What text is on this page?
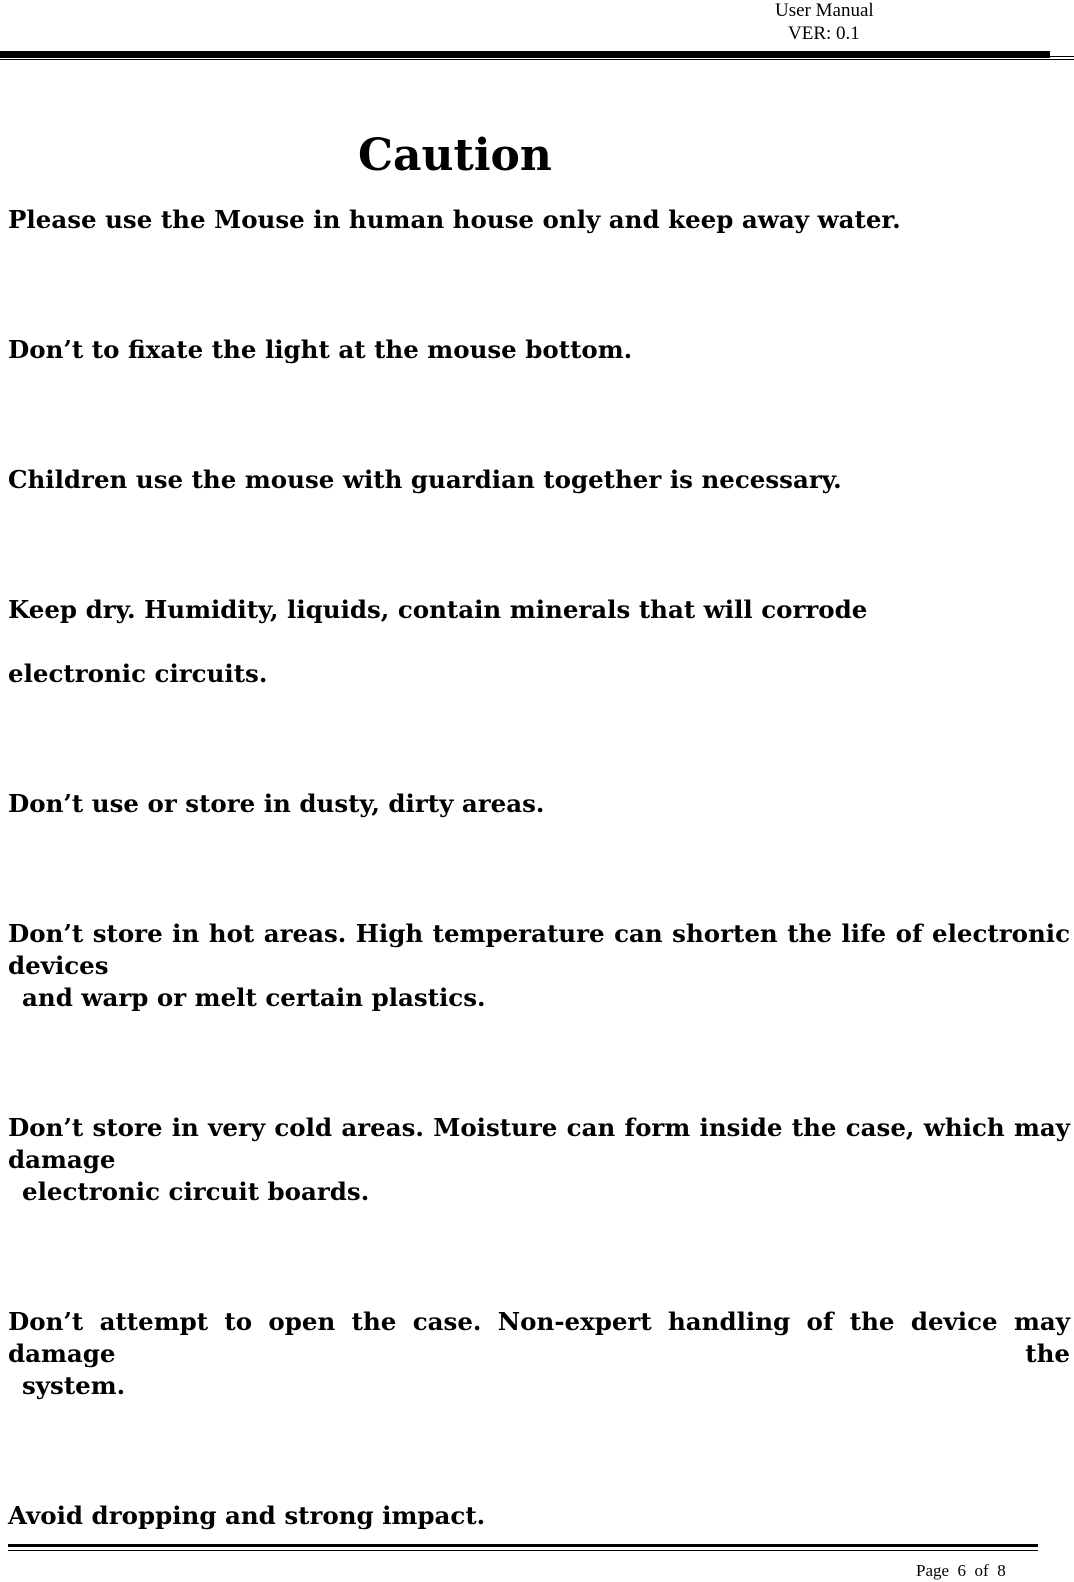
User Manual
VER: 0.1
Caution
Please use the Mouse in human house only and keep away water.
Don’t to fixate the light at the mouse bottom.
Children use the mouse with guardian together is necessary.
Keep dry. Humidity, liquids, contain minerals that will corrode
electronic circuits.
Don’t use or store in dusty, dirty areas.
Don’t store in hot areas. High temperature can shorten the life of electronic devices
and warp or melt certain plastics.
Don’t store in very cold areas. Moisture can form inside the case, which may damage
electronic circuit boards.
Don’t attempt to open the case. Non-expert handling of the device may damage the
system.
Avoid dropping and strong impact.
Page  6  of  8
